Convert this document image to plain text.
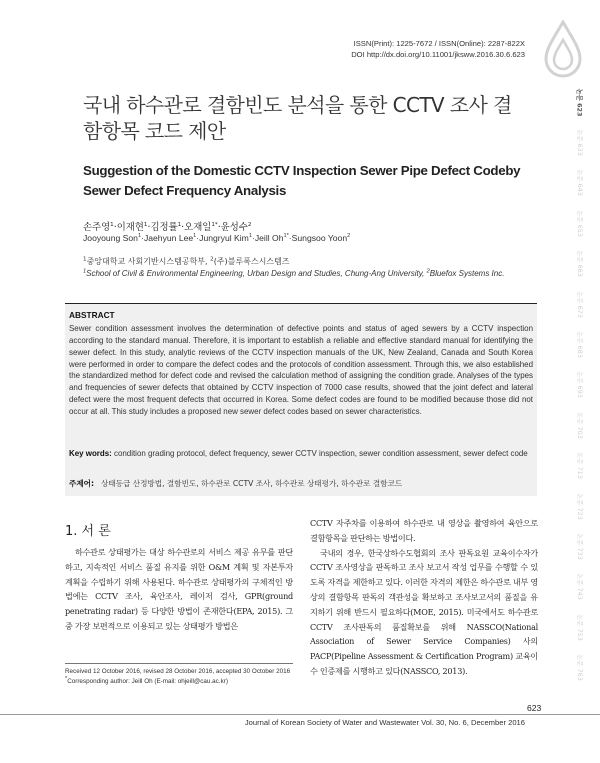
ISSN(Print): 1225-7672 / ISSN(Online): 2287-822X
DOI http://dx.doi.org/10.11001/jksww.2016.30.6.623
논문 623
논문 633
논문 643
논문 653
논문 663
논문 673
논문 683
논문 693
논문 703
논문 713
논문 723
논문 733
논문 743
논문 753
논문 763
국내 하수관로 결함빈도 분석을 통한 CCTV 조사 결함항목 코드 제안
Suggestion of the Domestic CCTV Inspection Sewer Pipe Defect Codeby Sewer Defect Frequency Analysis
손주영$^1$·이재현$^1$·김정률$^1$·오재일$^{1*}$·윤성수$^2$
Jooyoung Son$^1$·Jaehyun Lee$^1$·Jungryul Kim$^1$·Jeill $Oh^{1*}\cdot Sungsoo$ Yoon$^2$
$^1$중앙대학교 사회기반시스템공학부, $^2$(주)블루폭스시스템즈
$^1$School of Civil & Environmental Engineering, Urban Design and Studies, Chung-Ang University, $^2$Bluefox Systems Inc.
ABSTRACT
Sewer condition assessment involves the determination of defective points and status of aged sewers by a CCTV inspection according to the standard manual. Therefore, it is important to establish a reliable and effective standard manual for identifying the sewer defect. In this study, analytic reviews of the CCTV inspection manuals of the UK, New Zealand, Canada and South Korea were performed in order to compare the defect codes and the protocols of condition assessment. Through this, we also established the standardized method for defect code and revised the calculation method of assigning the condition grade. Analyses of the types and frequencies of sewer defects that obtained by CCTV inspection of 7000 case results, showed that the joint defect and lateral defect were the most frequent defects that occurred in Korea. Some defect codes are found to be modified because those did not occur at all. This study includes a proposed new sewer defect codes based on sewer characteristics.
Key words: condition grading protocol, defect frequency, sewer CCTV inspection, sewer condition assessment, sewer defect code
주제어: 상태등급 산정방법, 결함빈도, 하수관로 CCTV 조사, 하수관로 상태평가, 하수관로 결함코드
1. 서 론

하수관로 상태평가는 대상 하수관로의 서비스 제공 유무를 판단하고, 지속적인 서비스 품질 유지를 위한 O&M 계획 및 자본투자 계획을 수립하기 위해 사용된다. 하수관로 상태평가의 구체적인 방법에는 CCTV 조사, 육안조사, 레이저 검사, GPR(ground penetrating radar) 등 다양한 방법이 존재한다(EPA, 2015). 그 중 가장 보편적으로 이용되고 있는 상태평가 방법은

CCTV 자주차를 이용하여 하수관로 내 영상을 촬영하여 육안으로 결함항목을 판단하는 방법이다.

국내의 경우, 한국상하수도협회의 조사 판독요원 교육이수자가 CCTV 조사영상을 판독하고 조사 보고서 작성 업무를 수행할 수 있도록 자격을 제한하고 있다. 이러한 자격의 제한은 하수관로 내부 영상의 결함항목 판독의 객관성을 확보하고 조사보고서의 품질을 유지하기 위해 반드시 필요하다(MOE, 2015). 미국에서도 하수관로 CCTV 조사판독의 품질확보를 위해 NASSCO(National Association of Sewer Service Companies) 사의 PACP(Pipeline Assessment & Certification Program) 교육이수 인증제를 시행하고 있다(NASSCO, 2013).

Received 12 October 2016, revised 28 October 2016, accepted 30 October 2016
*Corresponding author: Jeill Oh (E-mail: ohjeill@cau.ac.kr)
623
Journal of Korean Society of Water and Wastewater Vol. 30, No. 6, December 2016
